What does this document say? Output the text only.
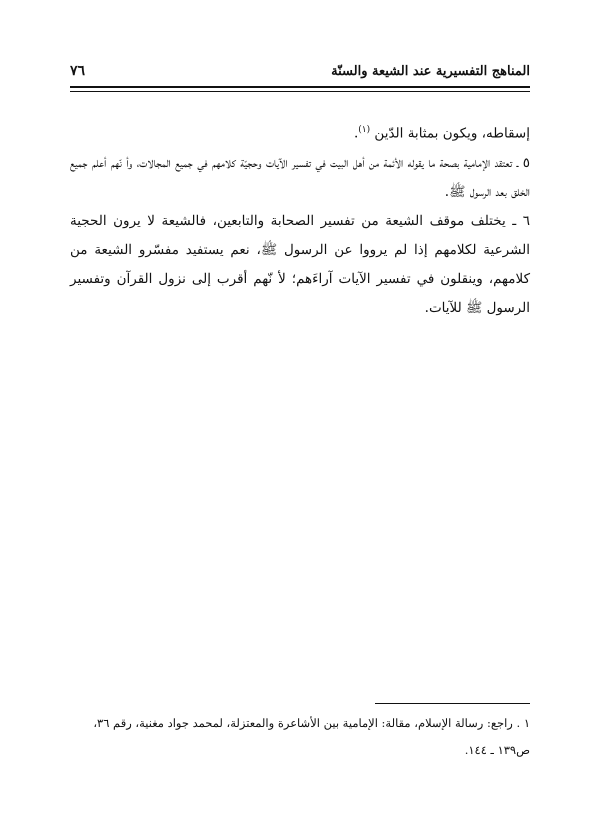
المناهج التفسيرية عند الشيعة والسنّة
٧٦

إسقاطه، ويكون بمثابة الدّين $^{(١)}$.

٥ ـ تعتقد الإمامية بصحة ما يقوله الأئمة من أهل البيت في تفسير الآيات وحجيّة كلامهم في جميع المجالات، وأ نّهم أعلم جميع الخلق بعد الرسول ﷺ.

٦ ـ يختلف موقف الشيعة من تفسير الصحابة والتابعين، فالشيعة لا يرون الحجية الشرعية لكلامهم إذا لم يرووا عن الرسول ﷺ، نعم يستفيد مفسّرو الشيعة من كلامهم، وينقلون في تفسير الآيات آراءَهم؛ لأ نّهم أقرب إلى نزول القرآن وتفسير الرسول ﷺ للآيات.

١ . راجع: رسالة الإسلام، مقالة: الإمامية بين الأشاعرة والمعتزلة، لمحمد جواد مغنية، رقم ٣٦،

ص١٣٩ ـ ١٤٤.
